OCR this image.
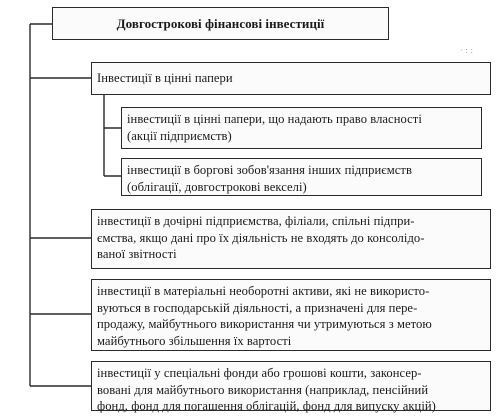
Довгострокові фінансові інвестиції
· : :
Інвестиції в цінні папери
інвестиції в цінні папери, що надають право власності
(акції підприємств)
інвестиції в боргові зобов'язання інших підприємств
(облігації, довгострокові векселі)
інвестиції в дочірні підприємства, філіали, спільні підпри-
ємства, якщо дані про їх діяльність не входять до консолідо-
ваної звітності
інвестиції в матеріальні необоротні активи, які не використо-
вуються в господарській діяльності, а призначені для пере-
продажу, майбутнього використання чи утримуються з метою
майбутнього збільшення їх вартості
інвестиції у спеціальні фонди або грошові кошти, законсер-
вовані для майбутнього використання (наприклад, пенсійний
фонд, фонд для погашення облігацій, фонд для випуску акцій)
